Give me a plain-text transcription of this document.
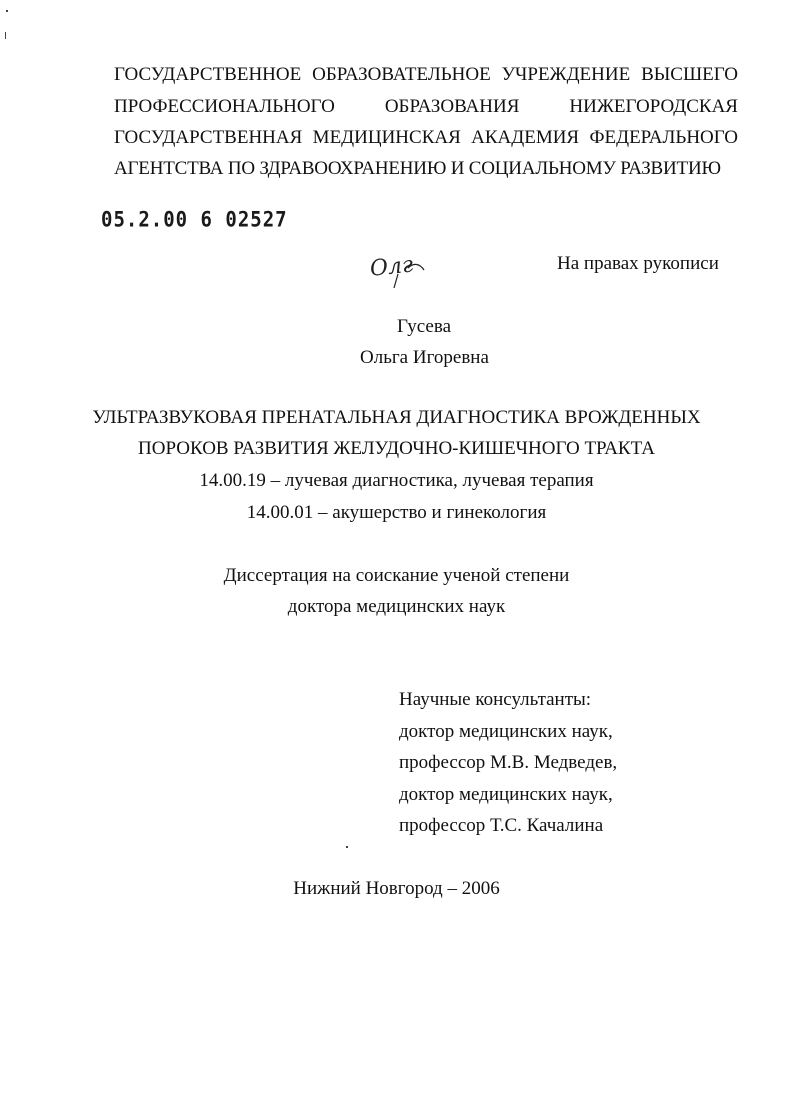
ГОСУДАРСТВЕННОЕ ОБРАЗОВАТЕЛЬНОЕ УЧРЕЖДЕНИЕ ВЫСШЕГО
ПРОФЕССИОНАЛЬНОГО	ОБРАЗОВАНИЯ	НИЖЕГОРОДСКАЯ
ГОСУДАРСТВЕННАЯ МЕДИЦИНСКАЯ АКАДЕМИЯ ФЕДЕРАЛЬНОГО
АГЕНТСТВА ПО ЗДРАВООХРАНЕНИЮ И СОЦИАЛЬНОМУ РАЗВИТИЮ
05.2.00 6 02527
Олг	На правах рукописи
Гусева
Ольга Игоревна
УЛЬТРАЗВУКОВАЯ ПРЕНАТАЛЬНАЯ ДИАГНОСТИКА ВРОЖДЕННЫХ
ПОРОКОВ РАЗВИТИЯ ЖЕЛУДОЧНО-КИШЕЧНОГО ТРАКТА
14.00.19 – лучевая диагностика, лучевая терапия
14.00.01 – акушерство и гинекология
Диссертация на соискание ученой степени
доктора медицинских наук
Научные консультанты:
доктор медицинских наук,
профессор М.В. Медведев,
доктор медицинских наук,
профессор Т.С. Качалина
Нижний Новгород – 2006
